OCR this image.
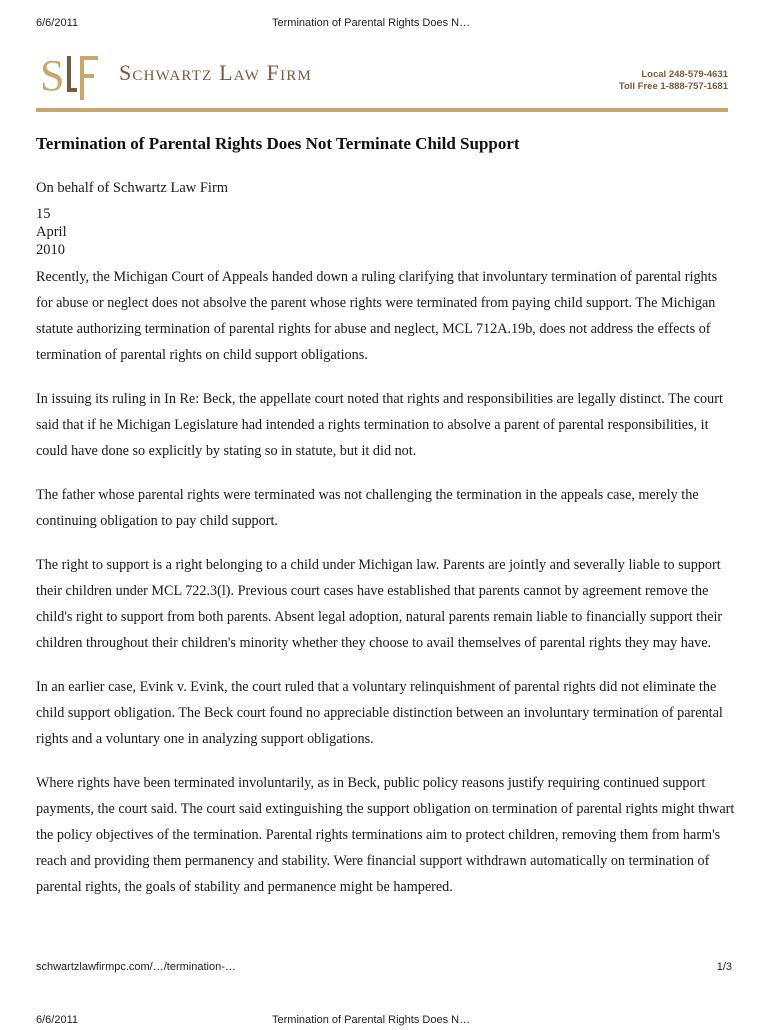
6/6/2011	Termination of Parental Rights Does N…
S Schwartz Law Firm	Local 248-579-4631
Toll Free 1-888-757-1681
Termination of Parental Rights Does Not Terminate Child Support
On behalf of Schwartz Law Firm
15
April
2010

Recently, the Michigan Court of Appeals handed down a ruling clarifying that involuntary termination of parental rights for abuse or neglect does not absolve the parent whose rights were terminated from paying child support. The Michigan statute authorizing termination of parental rights for abuse and neglect, MCL 712A.19b, does not address the effects of termination of parental rights on child support obligations.

In issuing its ruling in In Re: Beck, the appellate court noted that rights and responsibilities are legally distinct. The court said that if he Michigan Legislature had intended a rights termination to absolve a parent of parental responsibilities, it could have done so explicitly by stating so in statute, but it did not.

The father whose parental rights were terminated was not challenging the termination in the appeals case, merely the continuing obligation to pay child support.

The right to support is a right belonging to a child under Michigan law. Parents are jointly and severally liable to support their children under MCL 722.3(l). Previous court cases have established that parents cannot by agreement remove the child's right to support from both parents. Absent legal adoption, natural parents remain liable to financially support their children throughout their children's minority whether they choose to avail themselves of parental rights they may have.

In an earlier case, Evink v. Evink, the court ruled that a voluntary relinquishment of parental rights did not eliminate the child support obligation. The Beck court found no appreciable distinction between an involuntary termination of parental rights and a voluntary one in analyzing support obligations.

Where rights have been terminated involuntarily, as in Beck, public policy reasons justify requiring continued support payments, the court said. The court said extinguishing the support obligation on termination of parental rights might thwart the policy objectives of the termination. Parental rights terminations aim to protect children, removing them from harm's reach and providing them permanency and stability. Were financial support withdrawn automatically on termination of parental rights, the goals of stability and permanence might be hampered.

schwartzlawfirmpc.com/…/termination-…	1/3
6/6/2011	Termination of Parental Rights Does N…
